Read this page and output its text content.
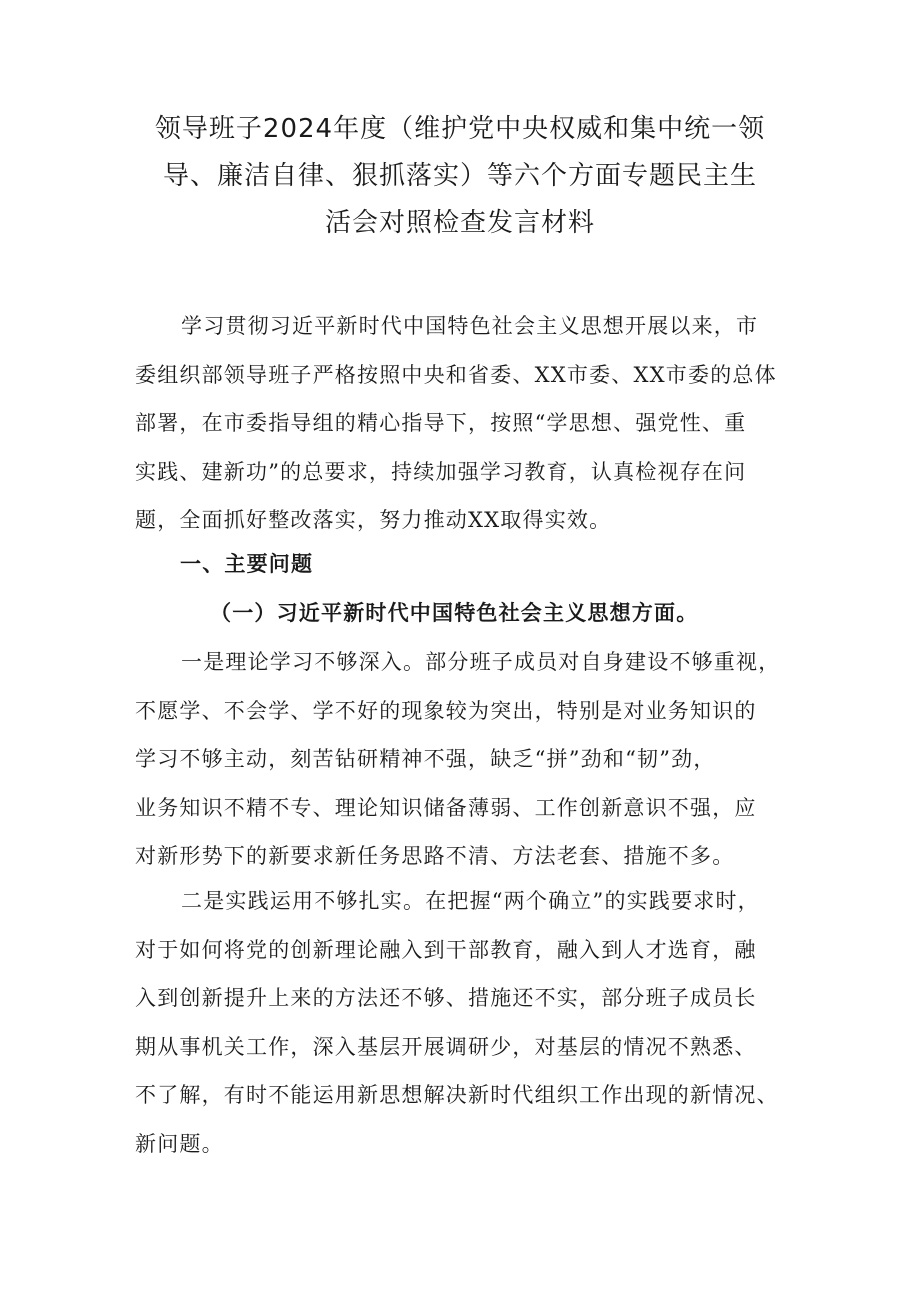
领导班子2024年度（维护党中央权威和集中统一领
导、廉洁自律、狠抓落实）等六个方面专题民主生
活会对照检查发言材料
学习贯彻习近平新时代中国特色社会主义思想开展以来，市
委组织部领导班子严格按照中央和省委、XX市委、XX市委的总体
部署，在市委指导组的精心指导下，按照“学思想、强党性、重
实践、建新功”的总要求，持续加强学习教育，认真检视存在问
题，全面抓好整改落实，努力推动XX取得实效。
一、主要问题
（一）习近平新时代中国特色社会主义思想方面。
一是理论学习不够深入。部分班子成员对自身建设不够重视，
不愿学、不会学、学不好的现象较为突出，特别是对业务知识的
学习不够主动，刻苦钻研精神不强，缺乏“拼”劲和“韧”劲，
业务知识不精不专、理论知识储备薄弱、工作创新意识不强，应
对新形势下的新要求新任务思路不清、方法老套、措施不多。
二是实践运用不够扎实。在把握“两个确立”的实践要求时，
对于如何将党的创新理论融入到干部教育，融入到人才选育，融
入到创新提升上来的方法还不够、措施还不实，部分班子成员长
期从事机关工作，深入基层开展调研少，对基层的情况不熟悉、
不了解，有时不能运用新思想解决新时代组织工作出现的新情况、
新问题。
